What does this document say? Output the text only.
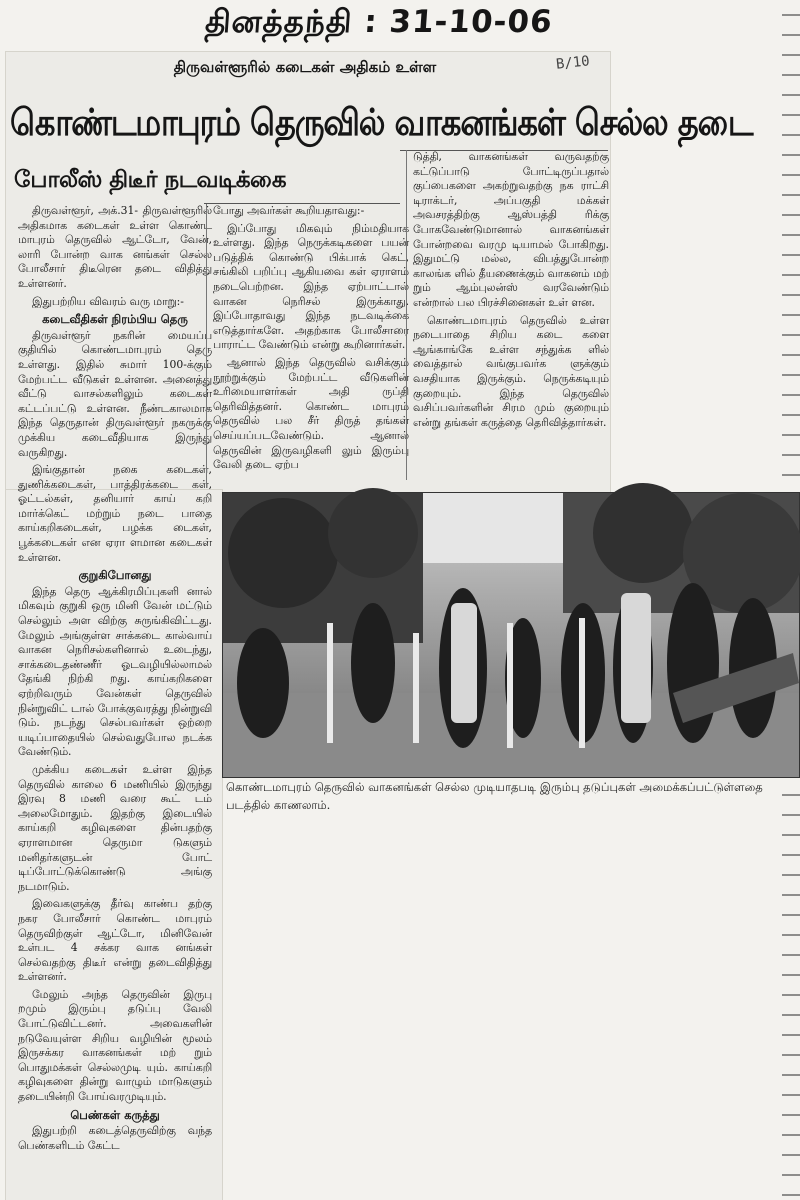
தினத்தந்தி : 31-10-06
B/10
திருவள்ளூரில் கடைகள் அதிகம் உள்ள
கொண்டமாபுரம் தெருவில் வாகனங்கள் செல்ல தடை
போலீஸ் திடீர் நடவடிக்கை

திருவள்ளூர், அக்.31- திருவள்ளூரில் அதிகமாக கடைகள் உள்ள கொண்ட மாபுரம் தெருவில் ஆட்டோ, வேன், லாரி போன்ற வாக னங்கள் செல்ல போலீசார் திடீரென தடை விதித்து உள்ளனர்.

இதுபற்றிய விவரம் வரு மாறு:-

கடைவீதிகள் நிரம்பிய தெரு

திருவள்ளூர் நகரின் மையப்ப குதியில் கொண்டமாபுரம் தெரு உள்ளது. இதில் சுமார் 100-க்கும் மேற்பட்ட வீடுகள் உள்ளன. அனைத்து வீட்டு வாசல்களிலும் கடைகள் கட்டப்பட்டு உள்ளன. நீண்டகாலமாக இந்த தெருதான் திருவள்ளூர் நகருக்கு முக்கிய கடைவீதியாக இருந்து வருகிறது.

இங்குதான் நகை கடைகள், துணிக்கடைகள், பாத்திரக்கடை கள், ஓட்டல்கள், தனியார் காய் கறி மார்க்கெட் மற்றும் நடை பாதை காய்கறிகடைகள், பழக்க டைகள், பூக்கடைகள் என ஏரா ளமான கடைகள் உள்ளன.

குறுகிபோனது

இந்த தெரு ஆக்கிரமிப்புகளி னால் மிகவும் குறுகி ஒரு மினி வேன் மட்டும் செல்லும் அள விற்கு சுருங்கிவிட்டது. மேலும் அங்குள்ள சாக்கடை கால்வாய் வாகன நெரிசல்களினால் உடைந்து, சாக்கடைதண்ணீர் ஓடவழியில்லாமல் தேங்கி நிற்கி றது. காய்கறிகளை ஏற்றிவரும் வேன்கள் தெருவில் நின்றுவிட் டால் போக்குவரத்து நின்றுவி டும். நடந்து செல்பவர்கள் ஒற்றை யடிப்பாதையில் செல்வதுபோல நடக்க வேண்டும்.

முக்கிய கடைகள் உள்ள இந்த தெருவில் காலை 6 மணியில் இருந்து இரவு 8 மணி வரை கூட் டம் அலைமோதும். இதற்கு இடையில் காய்கறி கழிவுகளை தின்பதற்கு ஏராளமான தெருமா டுகளும் மனிதர்களுடன் போட் டிப்போட்டுக்கொண்டு அங்கு நடமாடும்.

இவைகளுக்கு தீர்வு காண்ப தற்கு நகர போலீசார் கொண்ட மாபுரம் தெருவிற்குள் ஆட்டோ, மினிவேன் உள்பட 4 சக்கர வாக னங்கள் செல்வதற்கு திடீர் என்று தடைவிதித்து உள்ளனர்.

மேலும் அந்த தெருவின் இருபு றமும் இரும்பு தடுப்பு வேலி போட்டுவிட்டனர். அவைகளின் நடுவேயுள்ள சிறிய வழியின் மூலம் இருசக்கர வாகனங்கள் மற் றும் பொதுமக்கள் செல்லமுடி யும். காய்கறி கழிவுகளை தின்று வாழும் மாடுகளும் தடையின்றி போய்வரமுடியும்.

பெண்கள் கருத்து

இதுபற்றி கடைத்தெருவிற்கு வந்த பெண்களிடம் கேட்ட

போது அவர்கள் கூறியதாவது:-

இப்போது மிகவும் நிம்மதியாக உள்ளது. இந்த நெருக்கடிகளை பயன் படுத்திக் கொண்டு பிக்பாக் கெட், சங்கிலி பறிப்பு ஆகியவை கள் ஏராளம் நடைபெற்றன. இந்த ஏற்பாட்டால் வாகன நெரிசல் இருக்காது. இப்போதாவது இந்த நடவடிக்கை எடுத்தார்களே. அதற்காக போலீசாரை பாராட்ட வேண்டும் என்று கூறினார்கள்.

ஆனால் இந்த தெருவில் வசிக்கும் நூற்றுக்கும் மேற்பட்ட வீடுகளின் உரிமையாளர்கள் அதி ருப்தி தெரிவித்தனர். கொண்ட மாபுரம் தெருவில் பல சீர் திருத் தங்கள் செய்யப்படவேண்டும். ஆனால் தெருவின் இருவழிகளி லும் இரும்பு வேலி தடை ஏற்ப

டுத்தி, வாகனங்கள் வருவதற்கு கட்டுப்பாடு போட்டிருப்பதால் குப்பைகளை அகற்றுவதற்கு நக ராட்சி டிராக்டர், அப்பகுதி மக்கள் அவசரத்திற்கு ஆஸ்பத்தி ரிக்கு போகவேண்டுமானால் வாகனங்கள் போன்றவை வரமு டியாமல் போகிறது. இதுமட்டு மல்ல, விபத்துபோன்ற காலங்க ளில் தீயணைக்கும் வாகனம் மற் றும் ஆம்புலன்ஸ் வரவேண்டும் என்றால் பல பிரச்சினைகள் உள் ளன.

கொண்டமாபுரம் தெருவில் உள்ள நடைபாதை சிறிய கடை களை ஆங்காங்கே உள்ள சந்துக்க ளில் வைத்தால் வங்குபவர்க ளுக்கும் வசதியாக இருக்கும். நெருக்கடியும் குறையும். இந்த தெருவில் வசிப்பவர்களின் சிரம மும் குறையும் என்று தங்கள் கருத்தை தெரிவித்தார்கள்.

கொண்டமாபுரம் தெருவில் வாகனங்கள் செல்ல முடியாதபடி இரும்பு தடுப்புகள் அமைக்கப்பட்டுள்ளதை
படத்தில் காணலாம்.
